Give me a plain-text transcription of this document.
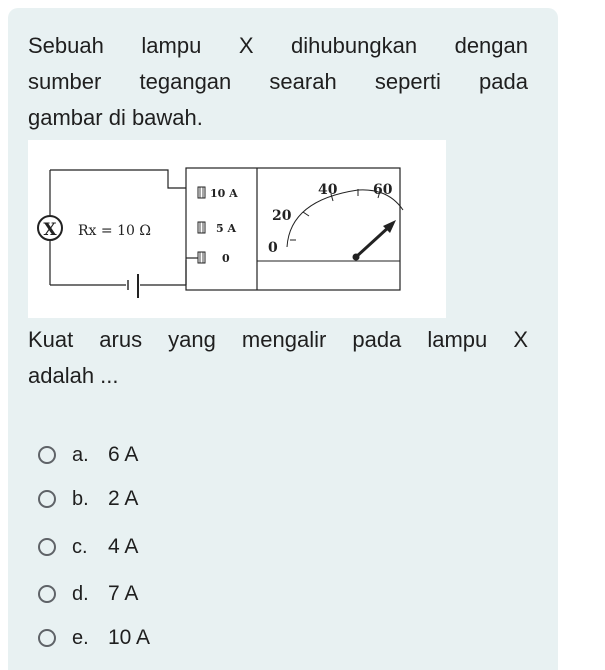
Sebuah lampu X dihubungkan dengan
sumber tegangan searah seperti pada
gambar di bawah.
X Rx = 10 Ω
10 A
5 A
0
0
20
40	60
Kuat arus yang mengalir pada lampu X
adalah ...
a. 6 A
b. 2 A
c. 4 A
d. 7 A
e. 10 A
